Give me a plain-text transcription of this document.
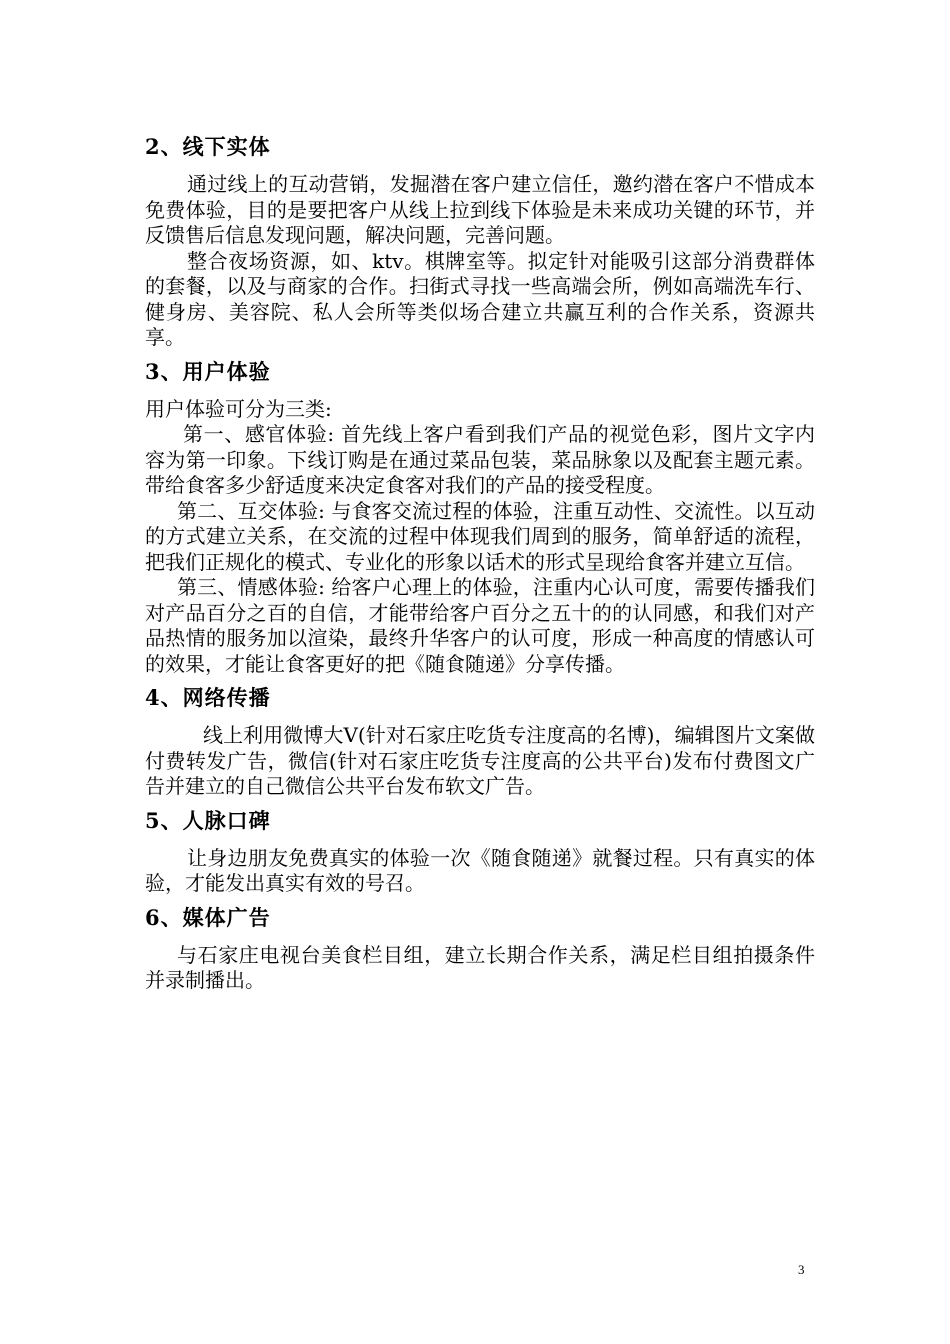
2、线下实体

通过线上的互动营销，发掘潜在客户建立信任，邀约潜在客户不惜成本免费体验，目的是要把客户从线上拉到线下体验是未来成功关键的环节，并反馈售后信息发现问题，解决问题，完善问题。

整合夜场资源，如、ktv。棋牌室等。拟定针对能吸引这部分消费群体的套餐，以及与商家的合作。扫街式寻找一些高端会所，例如高端洗车行、健身房、美容院、私人会所等类似场合建立共赢互利的合作关系，资源共享。

3、用户体验

用户体验可分为三类:

第一、感官体验: 首先线上客户看到我们产品的视觉色彩，图片文字内容为第一印象。下线订购是在通过菜品包装，菜品脉象以及配套主题元素。带给食客多少舒适度来决定食客对我们的产品的接受程度。

第二、互交体验: 与食客交流过程的体验，注重互动性、交流性。以互动的方式建立关系，在交流的过程中体现我们周到的服务，简单舒适的流程，把我们正规化的模式、专业化的形象以话术的形式呈现给食客并建立互信。

第三、情感体验: 给客户心理上的体验，注重内心认可度，需要传播我们对产品百分之百的自信，才能带给客户百分之五十的的认同感，和我们对产品热情的服务加以渲染，最终升华客户的认可度，形成一种高度的情感认可的效果，才能让食客更好的把《随食随递》分享传播。

4、网络传播

线上利用微博大V(针对石家庄吃货专注度高的名博)，编辑图片文案做付费转发广告，微信(针对石家庄吃货专注度高的公共平台)发布付费图文广告并建立的自己微信公共平台发布软文广告。

5、人脉口碑

让身边朋友免费真实的体验一次《随食随递》就餐过程。只有真实的体验，才能发出真实有效的号召。

6、媒体广告

与石家庄电视台美食栏目组，建立长期合作关系，满足栏目组拍摄条件并录制播出。

3
